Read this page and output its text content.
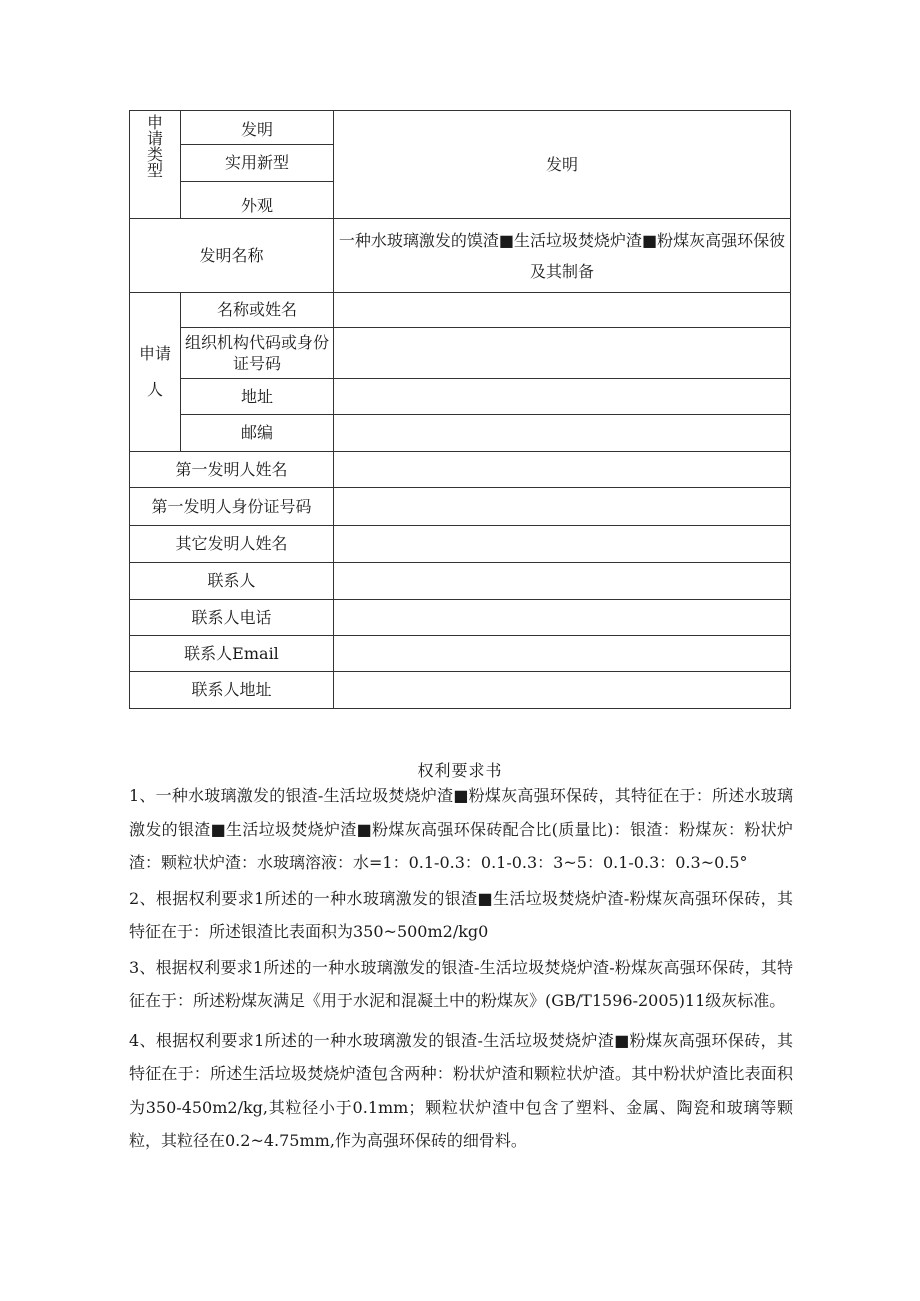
申请类型	发明	发明
	实用新型	
	外观	
发明名称		一种水玻璃激发的馍渣■生活垃圾焚烧炉渣■粉煤灰高强环保彼及其制备
申请人	名称或姓名	
	组织机构代码或身份证号码	
	地址	
	邮编	
第一发明人姓名		
第一发明人身份证号码		
其它发明人姓名		
联系人		
联系人电话		
联系人Email		
联系人地址		
权利要求书

1、一种水玻璃激发的银渣-生活垃圾焚烧炉渣■粉煤灰高强环保砖，其特征在于：所述水玻璃激发的银渣■生活垃圾焚烧炉渣■粉煤灰高强环保砖配合比(质量比)：银渣：粉煤灰：粉状炉渣：颗粒状炉渣：水玻璃溶液：水=1：0.1-0.3：0.1-0.3：3~5：0.1-0.3：0.3~0.5°

2、根据权利要求1所述的一种水玻璃激发的银渣■生活垃圾焚烧炉渣-粉煤灰高强环保砖，其特征在于：所述银渣比表面积为350~500m2∕kg0

3、根据权利要求1所述的一种水玻璃激发的银渣-生活垃圾焚烧炉渣-粉煤灰高强环保砖，其特征在于：所述粉煤灰满足《用于水泥和混凝土中的粉煤灰》(GB/T1596-2005)11级灰标准。

4、根据权利要求1所述的一种水玻璃激发的银渣-生活垃圾焚烧炉渣■粉煤灰高强环保砖，其特征在于：所述生活垃圾焚烧炉渣包含两种：粉状炉渣和颗粒状炉渣。其中粉状炉渣比表面积为350-450m2∕kg,其粒径小于0.1mm；颗粒状炉渣中包含了塑料、金属、陶瓷和玻璃等颗粒，其粒径在0.2~4.75mm,作为高强环保砖的细骨料。
